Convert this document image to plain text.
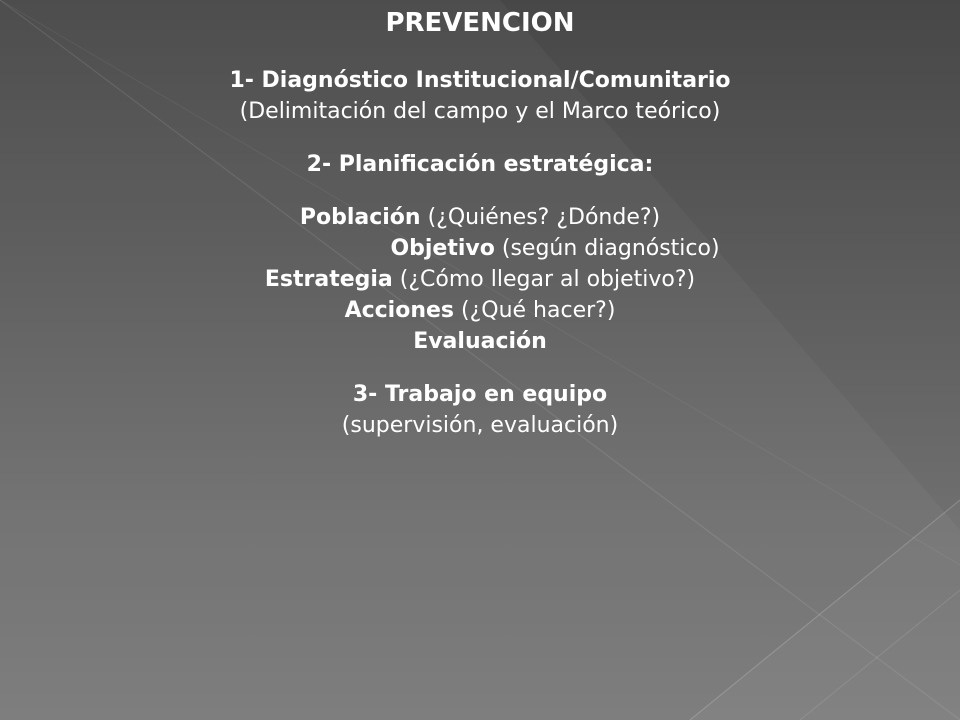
PREVENCION
1- Diagnóstico Institucional/Comunitario
(Delimitación del campo y el Marco teórico)
2- Planificación estratégica:
Población (¿Quiénes? ¿Dónde?)
Objetivo (según diagnóstico)
Estrategia (¿Cómo llegar al objetivo?)
Acciones (¿Qué hacer?)
Evaluación
3- Trabajo en equipo
(supervisión, evaluación)
